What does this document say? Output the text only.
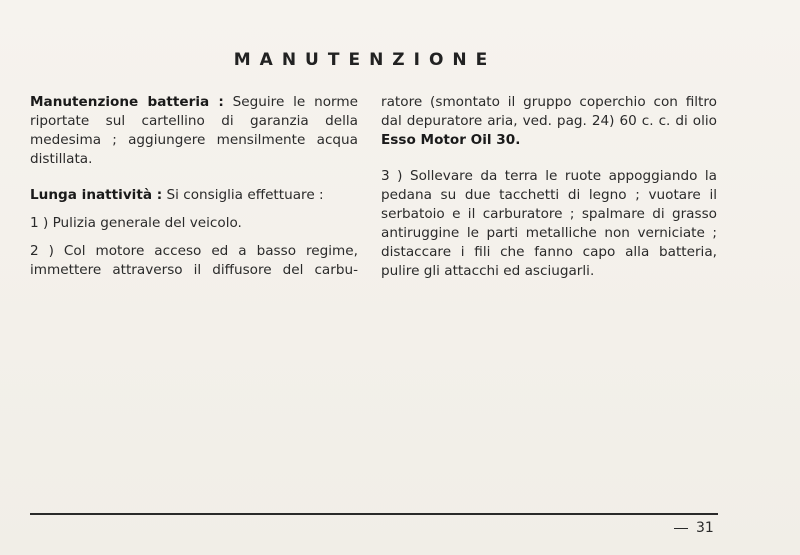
MANUTENZIONE

Manutenzione batteria : Seguire le norme riportate sul cartellino di garanzia della medesima ; aggiungere mensilmente acqua distillata.

Lunga inattività : Si consiglia effettuare :

1 ) Pulizia generale del veicolo.

2 ) Col motore acceso ed a basso regime, immettere attraverso il diffusore del carbu-

ratore (smontato il gruppo coperchio con filtro dal depuratore aria, ved. pag. 24) 60 c. c. di olio Esso Motor Oil 30.

3 ) Sollevare da terra le ruote appoggiando la pedana su due tacchetti di legno ; vuotare il serbatoio e il carburatore ; spalmare di grasso antiruggine le parti metalliche non verniciate ; distaccare i fili che fanno capo alla batteria, pulire gli attacchi ed asciugarli.

31
